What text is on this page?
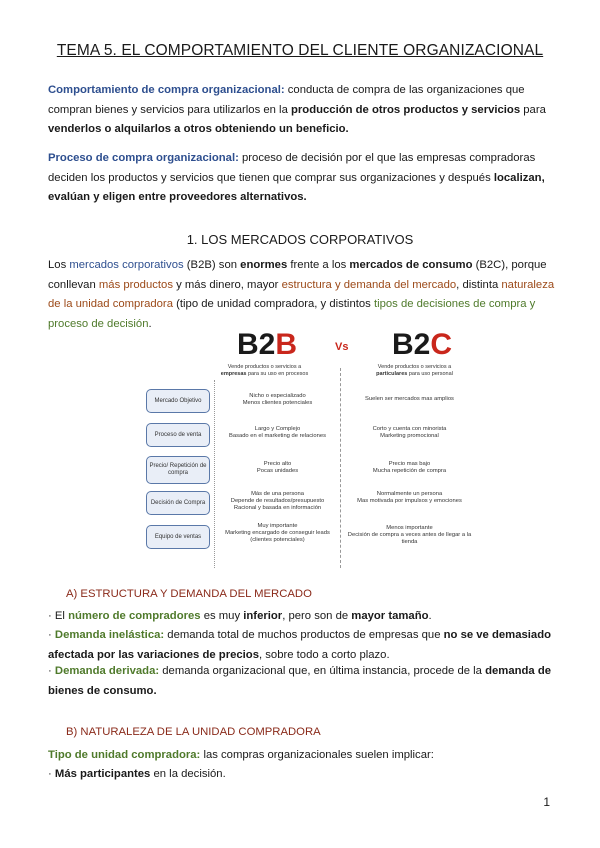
TEMA 5. EL COMPORTAMIENTO DEL CLIENTE ORGANIZACIONAL
Comportamiento de compra organizacional: conducta de compra de las organizaciones que compran bienes y servicios para utilizarlos en la producción de otros productos y servicios para venderlos o alquilarlos a otros obteniendo un beneficio.
Proceso de compra organizacional: proceso de decisión por el que las empresas compradoras deciden los productos y servicios que tienen que comprar sus organizaciones y después localizan, evalúan y eligen entre proveedores alternativos.
1. LOS MERCADOS CORPORATIVOS
Los mercados corporativos (B2B) son enormes frente a los mercados de consumo (B2C), porque conllevan más productos y más dinero, mayor estructura y demanda del mercado, distinta naturaleza de la unidad compradora (tipo de unidad compradora, y distintos tipos de decisiones de compra y proceso de decisión.
B2B	Vs B2C
Vende productos o servicios a
empresas para su uso en procesos
Vende productos o servicios a
particulares para uso personal
Mercado Objetivo
Nicho o especializado
Menos clientes potenciales
Suelen ser mercados mas amplios
Proceso de venta
Largo y Complejo
Basado en el marketing de relaciones
Corto y cuenta con minorista
Marketing promocional
Precio/ Repetición de compra
Precio alto
Pocas unidades
Precio mas bajo
Mucha repetición de compra
Decisión de Compra
Más de una persona
Depende de resultados/presupuesto
Racional y basada en información
Normalmente un persona
Mas motivada por impulsos y emociones
Equipo de ventas
Muy importante
Marketing encargado de conseguir leads (clientes potenciales)
Menos importante
Decisión de compra a veces antes de llegar a la tienda
A) ESTRUCTURA Y DEMANDA DEL MERCADO
· El número de compradores es muy inferior, pero son de mayor tamaño.
· Demanda inelástica: demanda total de muchos productos de empresas que no se ve demasiado afectada por las variaciones de precios, sobre todo a corto plazo.
· Demanda derivada: demanda organizacional que, en última instancia, procede de la demanda de bienes de consumo.
B) NATURALEZA DE LA UNIDAD COMPRADORA
Tipo de unidad compradora: las compras organizacionales suelen implicar:
· Más participantes en la decisión.
1
